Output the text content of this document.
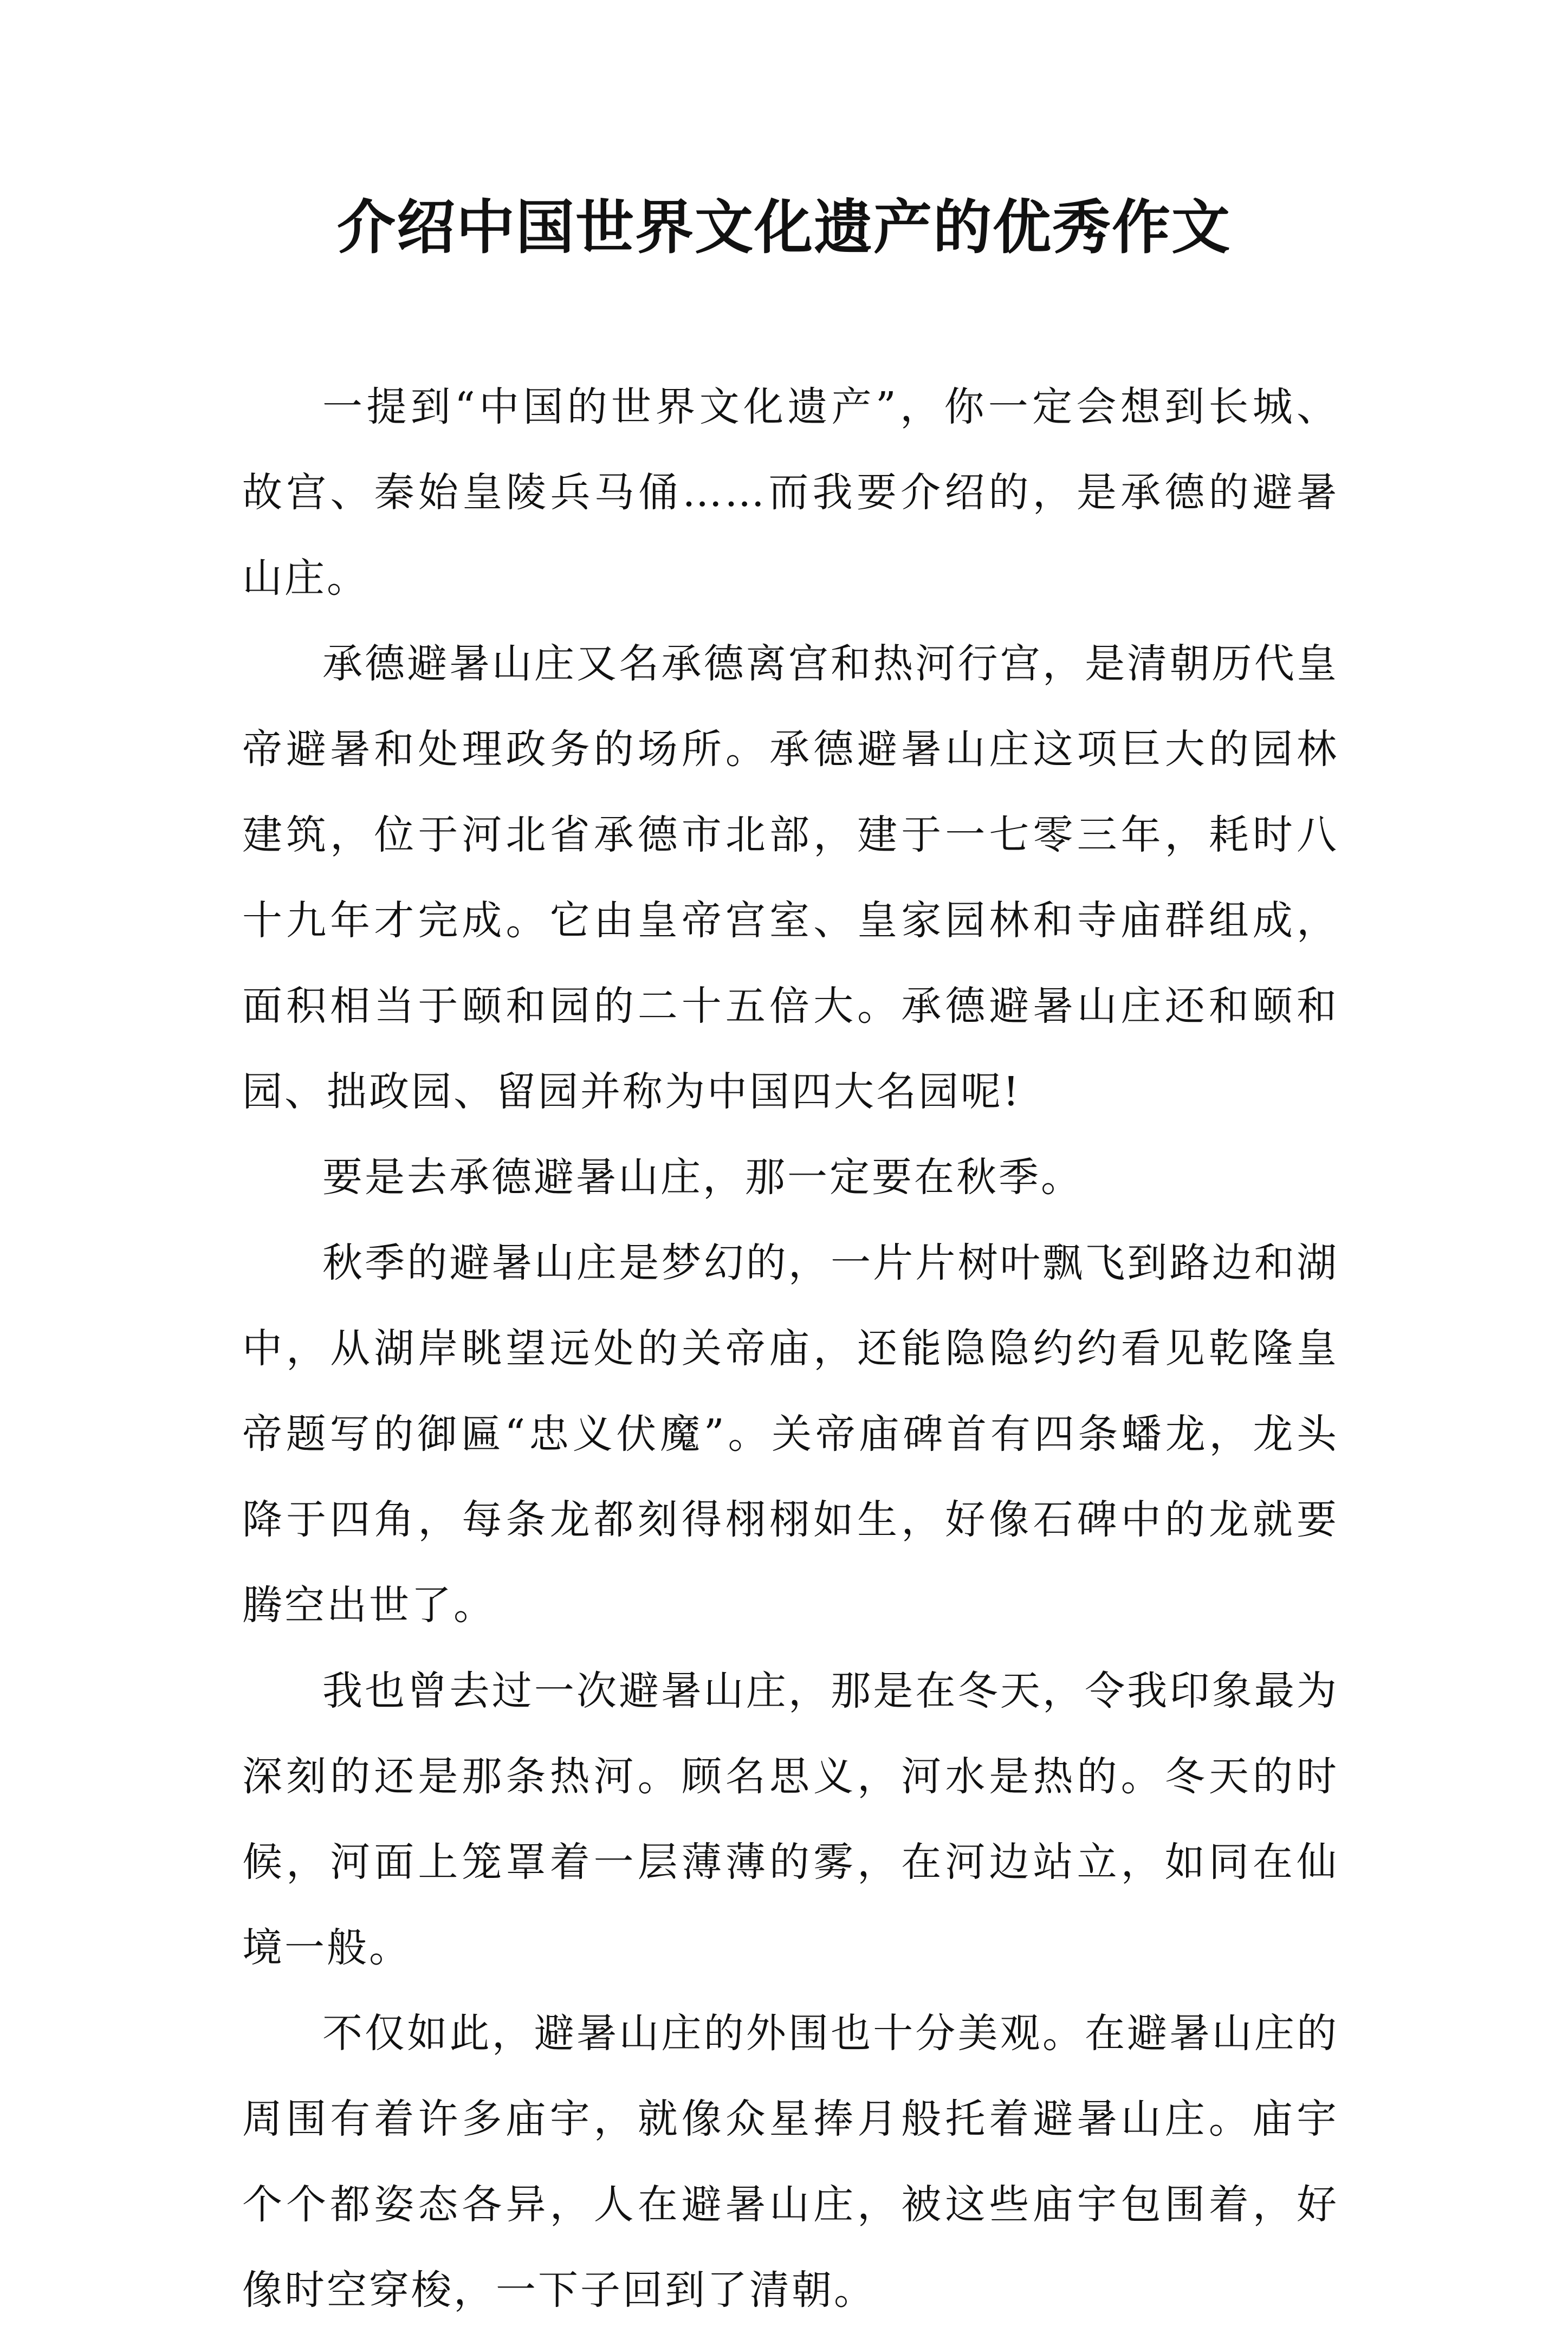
介绍中国世界文化遗产的优秀作文

一提到“中国的世界文化遗产”，你一定会想到长城、故宫、秦始皇陵兵马俑……而我要介绍的，是承德的避暑山庄。

承德避暑山庄又名承德离宫和热河行宫，是清朝历代皇帝避暑和处理政务的场所。承德避暑山庄这项巨大的园林建筑，位于河北省承德市北部，建于一七零三年，耗时八十九年才完成。它由皇帝宫室、皇家园林和寺庙群组成，面积相当于颐和园的二十五倍大。承德避暑山庄还和颐和园、拙政园、留园并称为中国四大名园呢!

要是去承德避暑山庄，那一定要在秋季。

秋季的避暑山庄是梦幻的，一片片树叶飘飞到路边和湖中，从湖岸眺望远处的关帝庙，还能隐隐约约看见乾隆皇帝题写的御匾“忠义伏魔”。关帝庙碑首有四条蟠龙，龙头降于四角，每条龙都刻得栩栩如生，好像石碑中的龙就要腾空出世了。

我也曾去过一次避暑山庄，那是在冬天，令我印象最为深刻的还是那条热河。顾名思义，河水是热的。冬天的时候，河面上笼罩着一层薄薄的雾，在河边站立，如同在仙境一般。

不仅如此，避暑山庄的外围也十分美观。在避暑山庄的周围有着许多庙宇，就像众星捧月般托着避暑山庄。庙宇个个都姿态各异，人在避暑山庄，被这些庙宇包围着，好像时空穿梭，一下子回到了清朝。
